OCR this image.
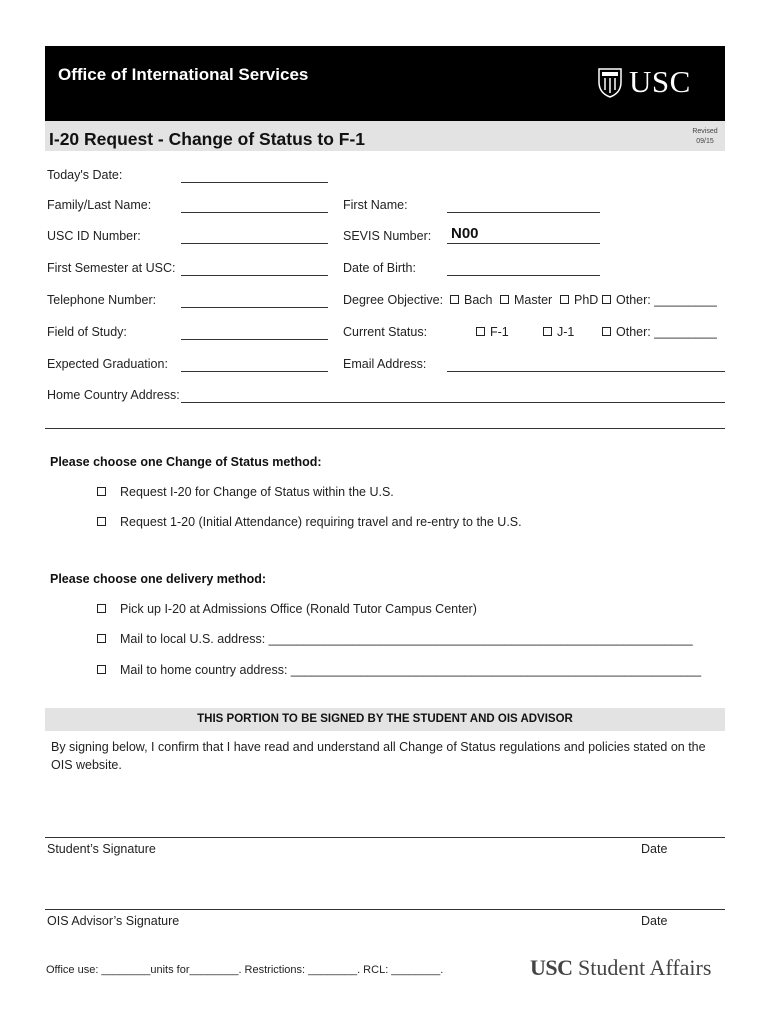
Office of International Services	USC
I-20 Request - Change of Status to F-1	Revised
09/15
Today's Date:
Family/Last Name:	First Name:
USC ID Number:	SEVIS Number: N00
First Semester at USC:	Date of Birth:
Telephone Number:	Degree Objective:	Bach	Master	PhD	Other: _________
Field of Study:	Current Status:	F-1	J-1	Other: _________
Expected Graduation:	Email Address:
Home Country Address:
Please choose one Change of Status method:
Request I-20 for Change of Status within the U.S.
Request 1-20 (Initial Attendance) requiring travel and re-entry to the U.S.
Please choose one delivery method:
Pick up I-20 at Admissions Office (Ronald Tutor Campus Center)
Mail to local U.S. address: _____________________________________________________________
Mail to home country address: ___________________________________________________________
THIS PORTION TO BE SIGNED BY THE STUDENT AND OIS ADVISOR
By signing below, I confirm that I have read and understand all Change of Status regulations and policies stated on the OIS website.
Student’s Signature	Date
OIS Advisor’s Signature	Date
Office use: ________units for________. Restrictions: ________. RCL: ________.	USC Student Affairs
